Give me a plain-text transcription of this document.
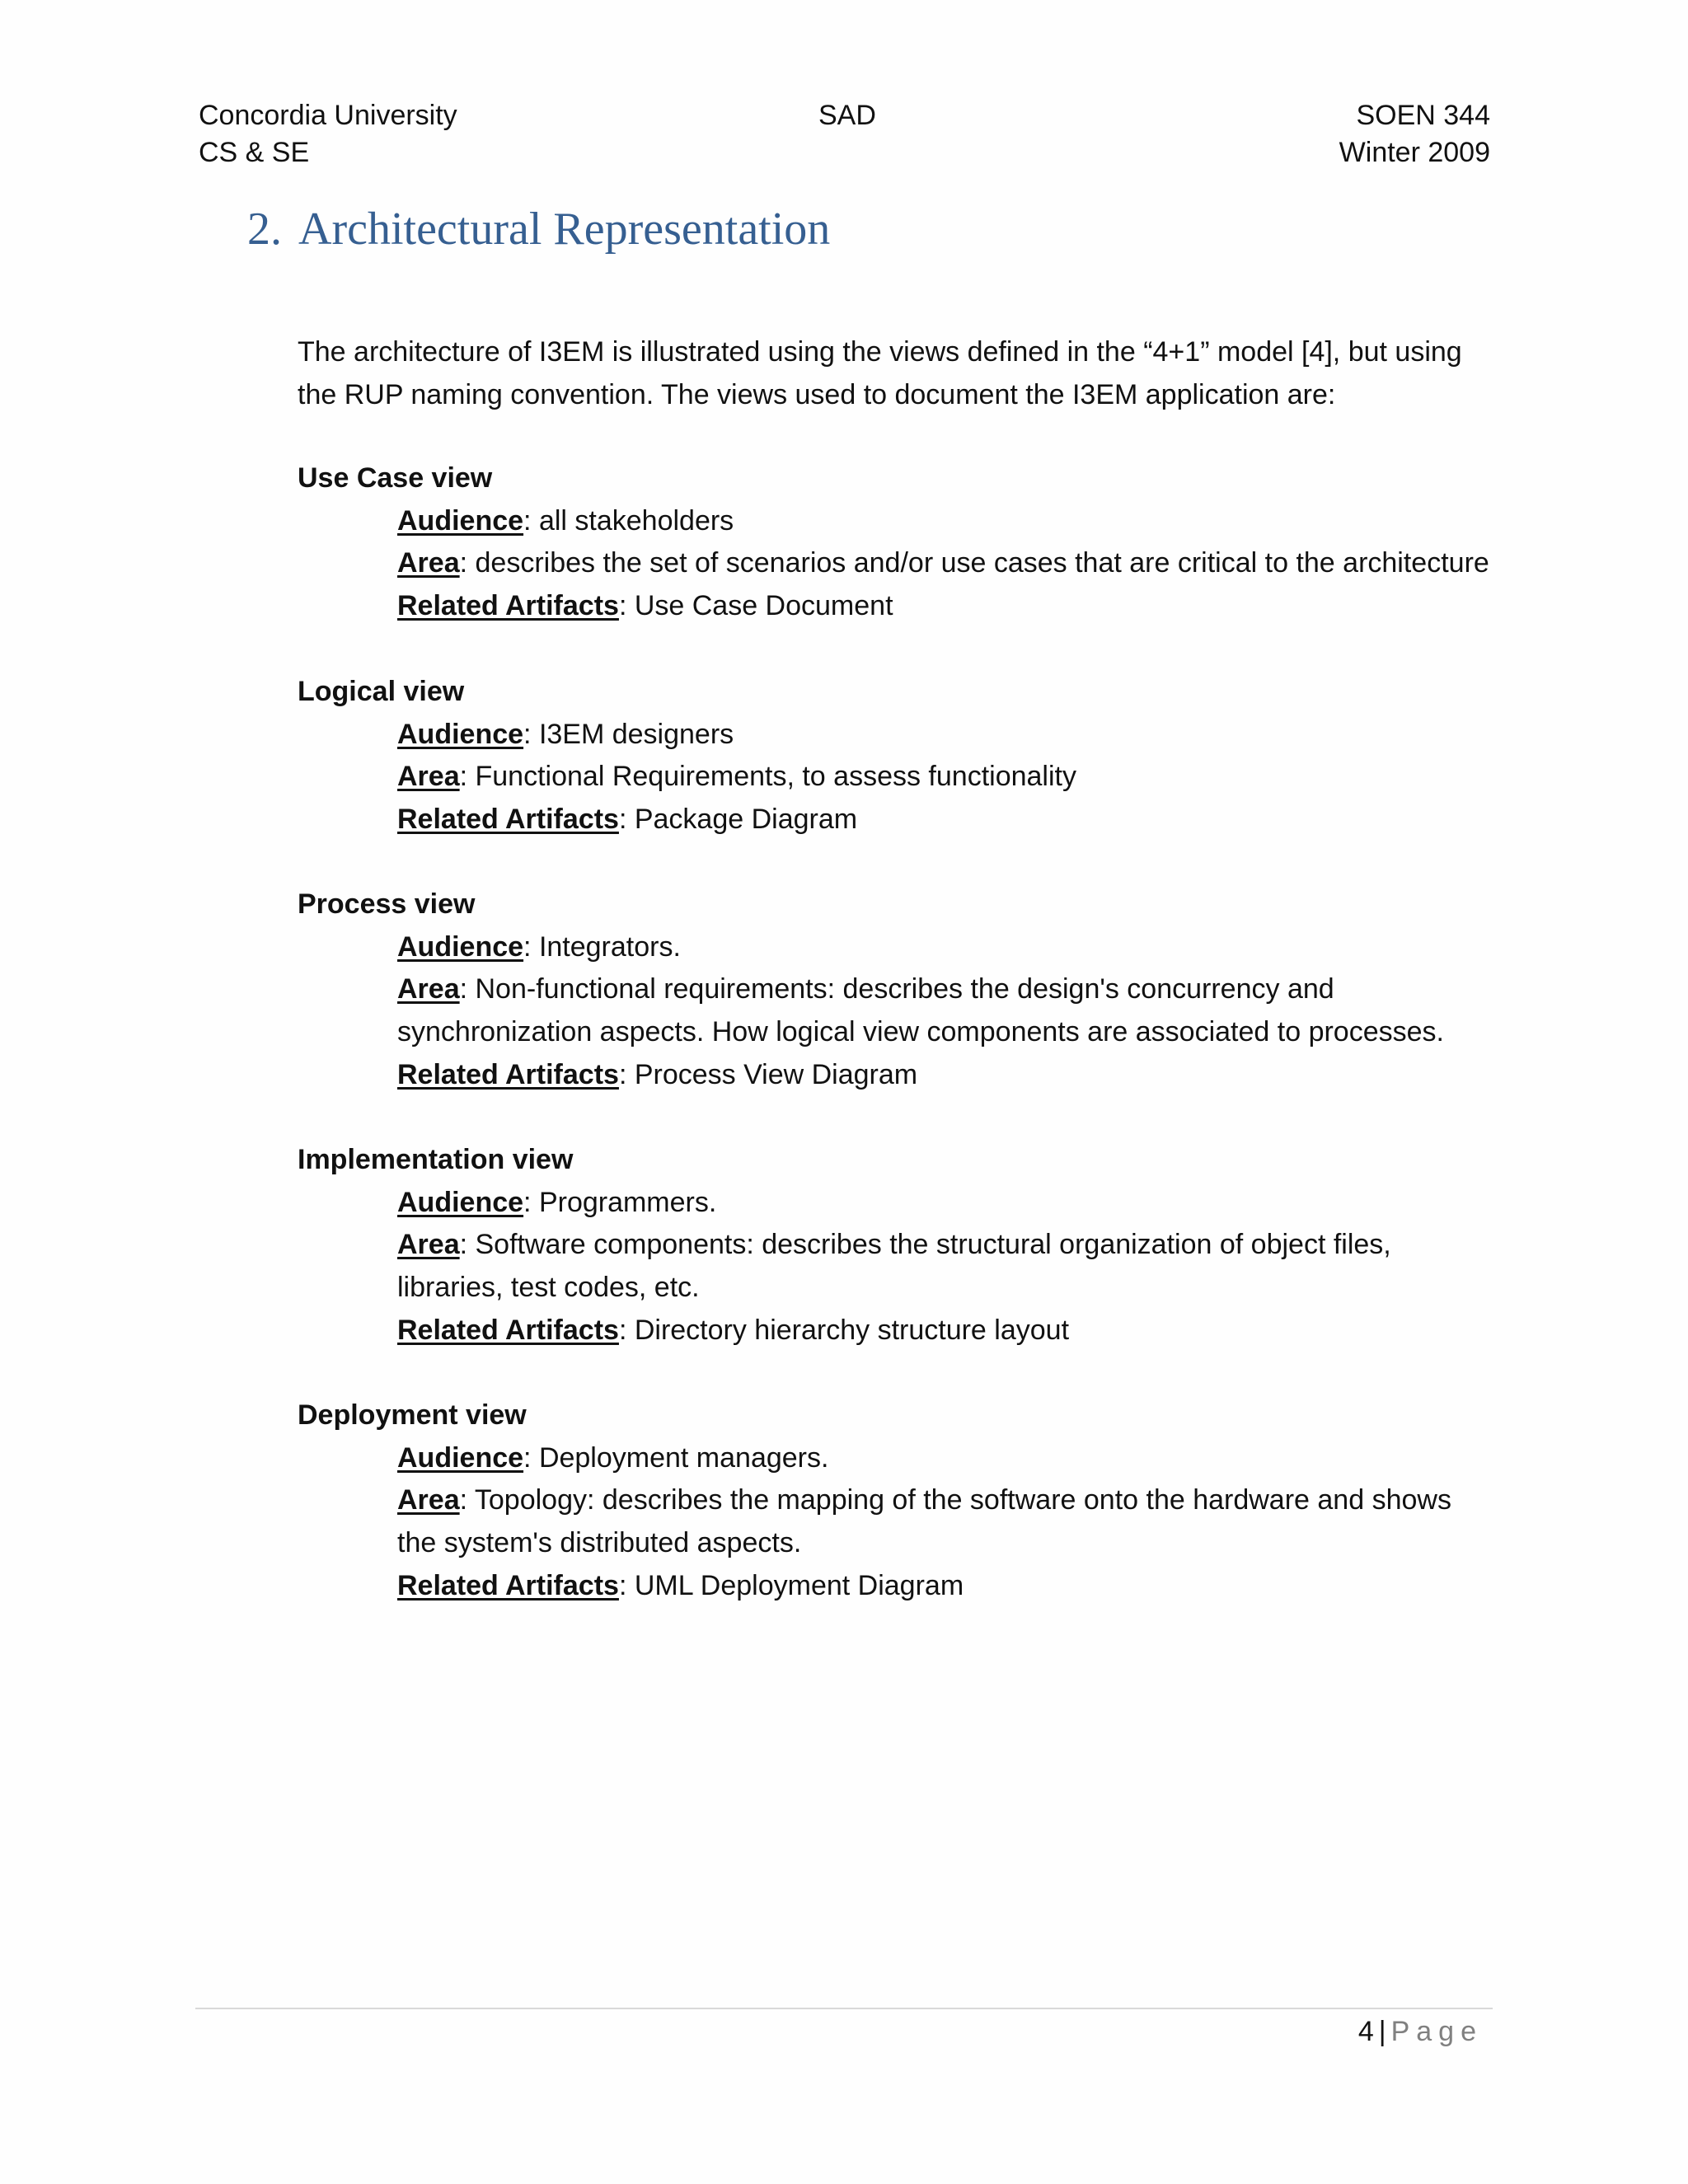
Concordia University
CS & SE
SAD	SOEN 344
Winter 2009
2. Architectural Representation
The architecture of I3EM is illustrated using the views defined in the “4+1” model [4], but using the RUP naming convention. The views used to document the I3EM application are:
Use Case view
Audience: all stakeholders
Area: describes the set of scenarios and/or use cases that are critical to the architecture
Related Artifacts: Use Case Document
Logical view
Audience: I3EM designers
Area: Functional Requirements, to assess functionality
Related Artifacts: Package Diagram
Process view
Audience: Integrators.
Area: Non-functional requirements: describes the design's concurrency and synchronization aspects. How logical view components are associated to processes.
Related Artifacts: Process View Diagram
Implementation view
Audience: Programmers.
Area: Software components: describes the structural organization of object files, libraries, test codes, etc.
Related Artifacts: Directory hierarchy structure layout
Deployment view
Audience: Deployment managers.
Area: Topology: describes the mapping of the software onto the hardware and shows the system's distributed aspects.
Related Artifacts: UML Deployment Diagram
4 | Page
